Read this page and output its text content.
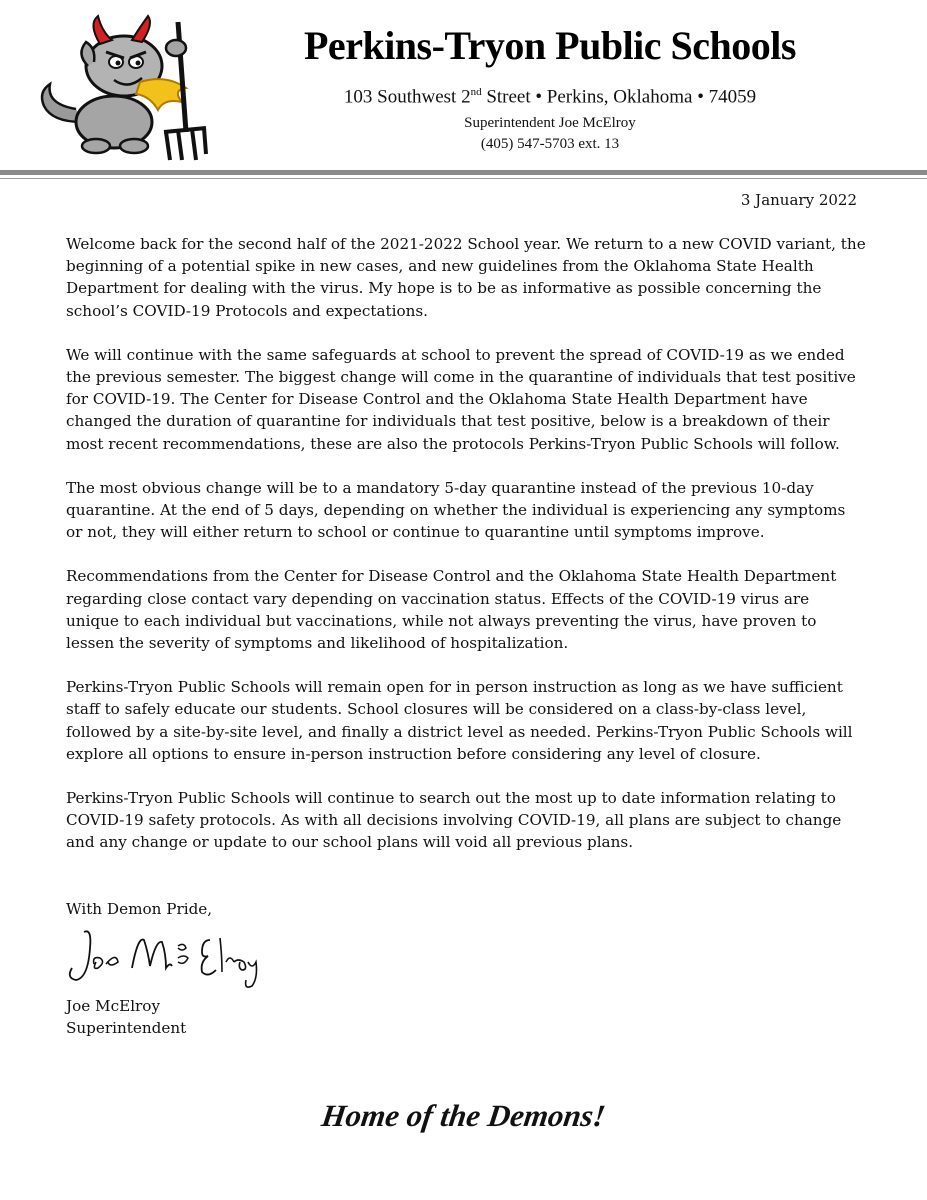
Perkins-Tryon Public Schools
103 Southwest 2nd Street • Perkins, Oklahoma • 74059
Superintendent Joe McElroy
(405) 547-5703 ext. 13
3 January 2022

Welcome back for the second half of the 2021-2022 School year. We return to a new COVID variant, the beginning of a potential spike in new cases, and new guidelines from the Oklahoma State Health Department for dealing with the virus. My hope is to be as informative as possible concerning the school’s COVID-19 Protocols and expectations.

We will continue with the same safeguards at school to prevent the spread of COVID-19 as we ended the previous semester. The biggest change will come in the quarantine of individuals that test positive for COVID-19. The Center for Disease Control and the Oklahoma State Health Department have changed the duration of quarantine for individuals that test positive, below is a breakdown of their most recent recommendations, these are also the protocols Perkins-Tryon Public Schools will follow.

The most obvious change will be to a mandatory 5-day quarantine instead of the previous 10-day quarantine. At the end of 5 days, depending on whether the individual is experiencing any symptoms or not, they will either return to school or continue to quarantine until symptoms improve.

Recommendations from the Center for Disease Control and the Oklahoma State Health Department regarding close contact vary depending on vaccination status. Effects of the COVID-19 virus are unique to each individual but vaccinations, while not always preventing the virus, have proven to lessen the severity of symptoms and likelihood of hospitalization.

Perkins-Tryon Public Schools will remain open for in person instruction as long as we have sufficient staff to safely educate our students. School closures will be considered on a class-by-class level, followed by a site-by-site level, and finally a district level as needed. Perkins-Tryon Public Schools will explore all options to ensure in-person instruction before considering any level of closure.

Perkins-Tryon Public Schools will continue to search out the most up to date information relating to COVID-19 safety protocols. As with all decisions involving COVID-19, all plans are subject to change and any change or update to our school plans will void all previous plans.

With Demon Pride,
Joe McElroy
Superintendent
Home of the Demons!
